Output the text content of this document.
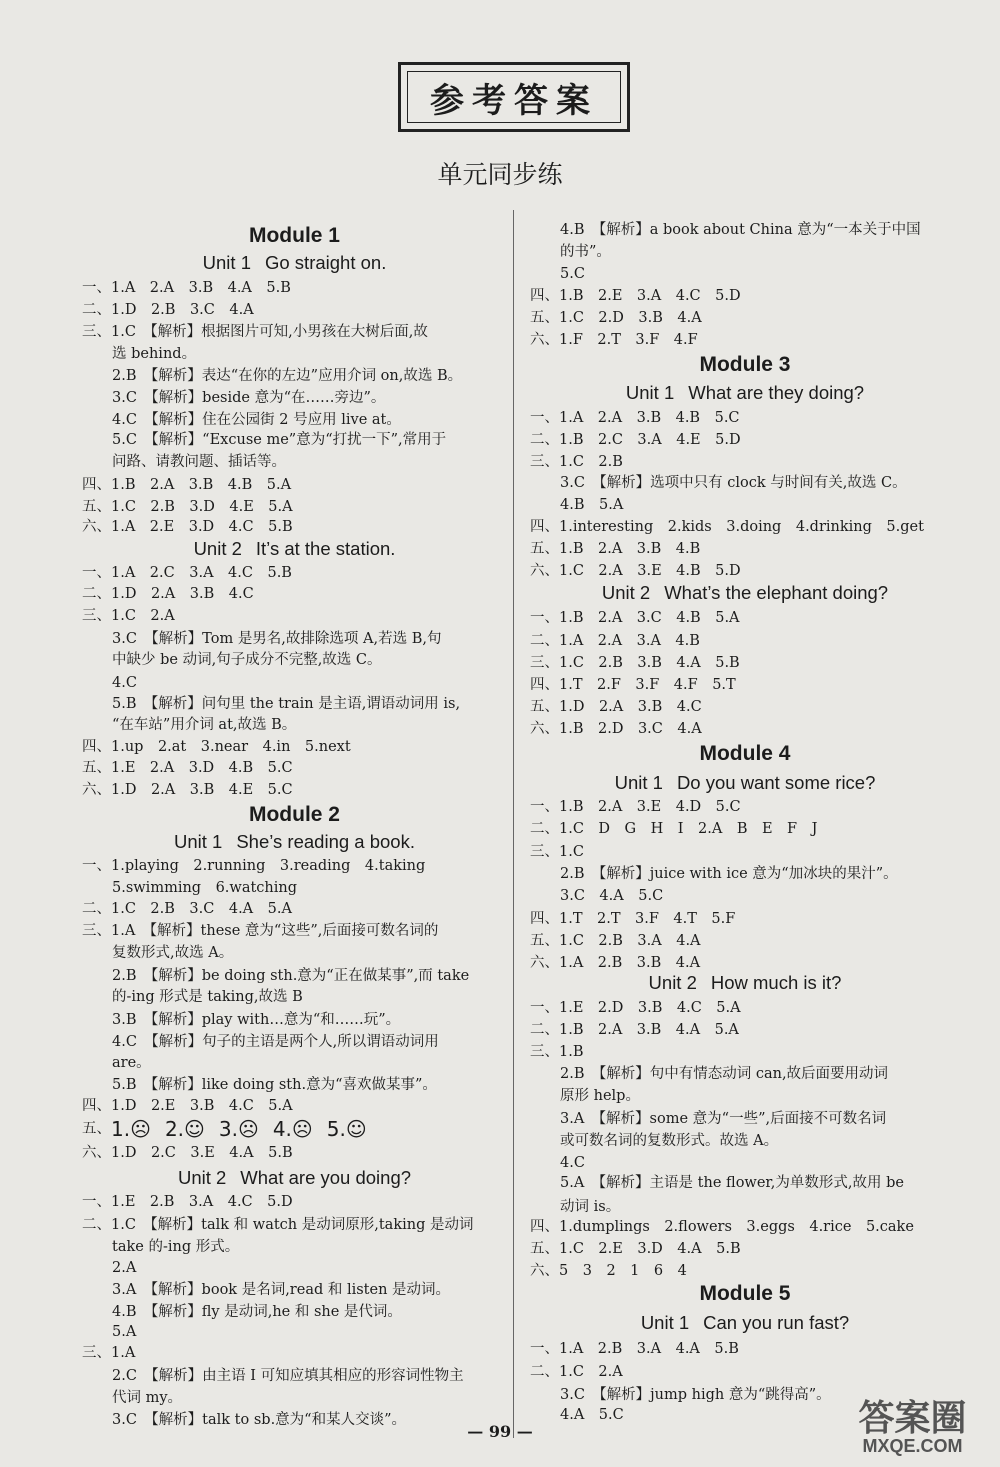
参考答案
单元同步练
Module 1
Unit 1 Go straight on.
一、1.A　2.A　3.B　4.A　5.B
二、1.D　2.B　3.C　4.A
三、1.C　【解析】根据图片可知,小男孩在大树后面,故
选 behind。
2.B　【解析】表达“在你的左边”应用介词 on,故选 B。
3.C　【解析】beside 意为“在……旁边”。
4.C　【解析】住在公园街 2 号应用 live at。
5.C　【解析】“Excuse me”意为“打扰一下”,常用于
问路、请教问题、插话等。
四、1.B　2.A　3.B　4.B　5.A
五、1.C　2.B　3.D　4.E　5.A
六、1.A　2.E　3.D　4.C　5.B
Unit 2 It’s at the station.
一、1.A　2.C　3.A　4.C　5.B
二、1.D　2.A　3.B　4.C
三、1.C　2.A
3.C　【解析】Tom 是男名,故排除选项 A,若选 B,句
中缺少 be 动词,句子成分不完整,故选 C。
4.C
5.B　【解析】问句里 the train 是主语,谓语动词用 is,
“在车站”用介词 at,故选 B。
四、1.up　2.at　3.near　4.in　5.next
五、1.E　2.A　3.D　4.B　5.C
六、1.D　2.A　3.B　4.E　5.C
Module 2
Unit 1 She’s reading a book.
一、1.playing　2.running　3.reading　4.taking
5.swimming　6.watching
二、1.C　2.B　3.C　4.A　5.A
三、1.A　【解析】these 意为“这些”,后面接可数名词的
复数形式,故选 A。
2.B　【解析】be doing sth.意为“正在做某事”,而 take
的-ing 形式是 taking,故选 B
3.B　【解析】play with…意为“和……玩”。
4.C　【解析】句子的主语是两个人,所以谓语动词用
are。
5.B　【解析】like doing sth.意为“喜欢做某事”。
四、1.D　2.E　3.B　4.C　5.A
五、1.☹ 2.☺ 3.☹ 4.☹ 5.☺
六、1.D　2.C　3.E　4.A　5.B
Unit 2 What are you doing?
一、1.E　2.B　3.A　4.C　5.D
二、1.C　【解析】talk 和 watch 是动词原形,taking 是动词
take 的-ing 形式。
2.A
3.A　【解析】book 是名词,read 和 listen 是动词。
4.B　【解析】fly 是动词,he 和 she 是代词。
5.A
三、1.A
2.C　【解析】由主语 I 可知应填其相应的形容词性物主
代词 my。
3.C　【解析】talk to sb.意为“和某人交谈”。
4.B　【解析】a book about China 意为“一本关于中国
的书”。
5.C
四、1.B　2.E　3.A　4.C　5.D
五、1.C　2.D　3.B　4.A
六、1.F　2.T　3.F　4.F
Module 3
Unit 1 What are they doing?
一、1.A　2.A　3.B　4.B　5.C
二、1.B　2.C　3.A　4.E　5.D
三、1.C　2.B
3.C　【解析】选项中只有 clock 与时间有关,故选 C。
4.B　5.A
四、1.interesting　2.kids　3.doing　4.drinking　5.get
五、1.B　2.A　3.B　4.B
六、1.C　2.A　3.E　4.B　5.D
Unit 2 What’s the elephant doing?
一、1.B　2.A　3.C　4.B　5.A
二、1.A　2.A　3.A　4.B
三、1.C　2.B　3.B　4.A　5.B
四、1.T　2.F　3.F　4.F　5.T
五、1.D　2.A　3.B　4.C
六、1.B　2.D　3.C　4.A
Module 4
Unit 1 Do you want some rice?
一、1.B　2.A　3.E　4.D　5.C
二、1.C　D　G　H　I　2.A　B　E　F　J
三、1.C
2.B　【解析】juice with ice 意为“加冰块的果汁”。
3.C　4.A　5.C
四、1.T　2.T　3.F　4.T　5.F
五、1.C　2.B　3.A　4.A
六、1.A　2.B　3.B　4.A
Unit 2 How much is it?
一、1.E　2.D　3.B　4.C　5.A
二、1.B　2.A　3.B　4.A　5.A
三、1.B
2.B　【解析】句中有情态动词 can,故后面要用动词
原形 help。
3.A　【解析】some 意为“一些”,后面接不可数名词
或可数名词的复数形式。故选 A。
4.C
5.A　【解析】主语是 the flower,为单数形式,故用 be
动词 is。
四、1.dumplings　2.flowers　3.eggs　4.rice　5.cake
五、1.C　2.E　3.D　4.A　5.B
六、5　3　2　1　6　4
Module 5
Unit 1 Can you run fast?
一、1.A　2.B　3.A　4.A　5.B
二、1.C　2.A
3.C　【解析】jump high 意为“跳得高”。
4.A　5.C
— 99 —	答案圈
MXQE.COM
